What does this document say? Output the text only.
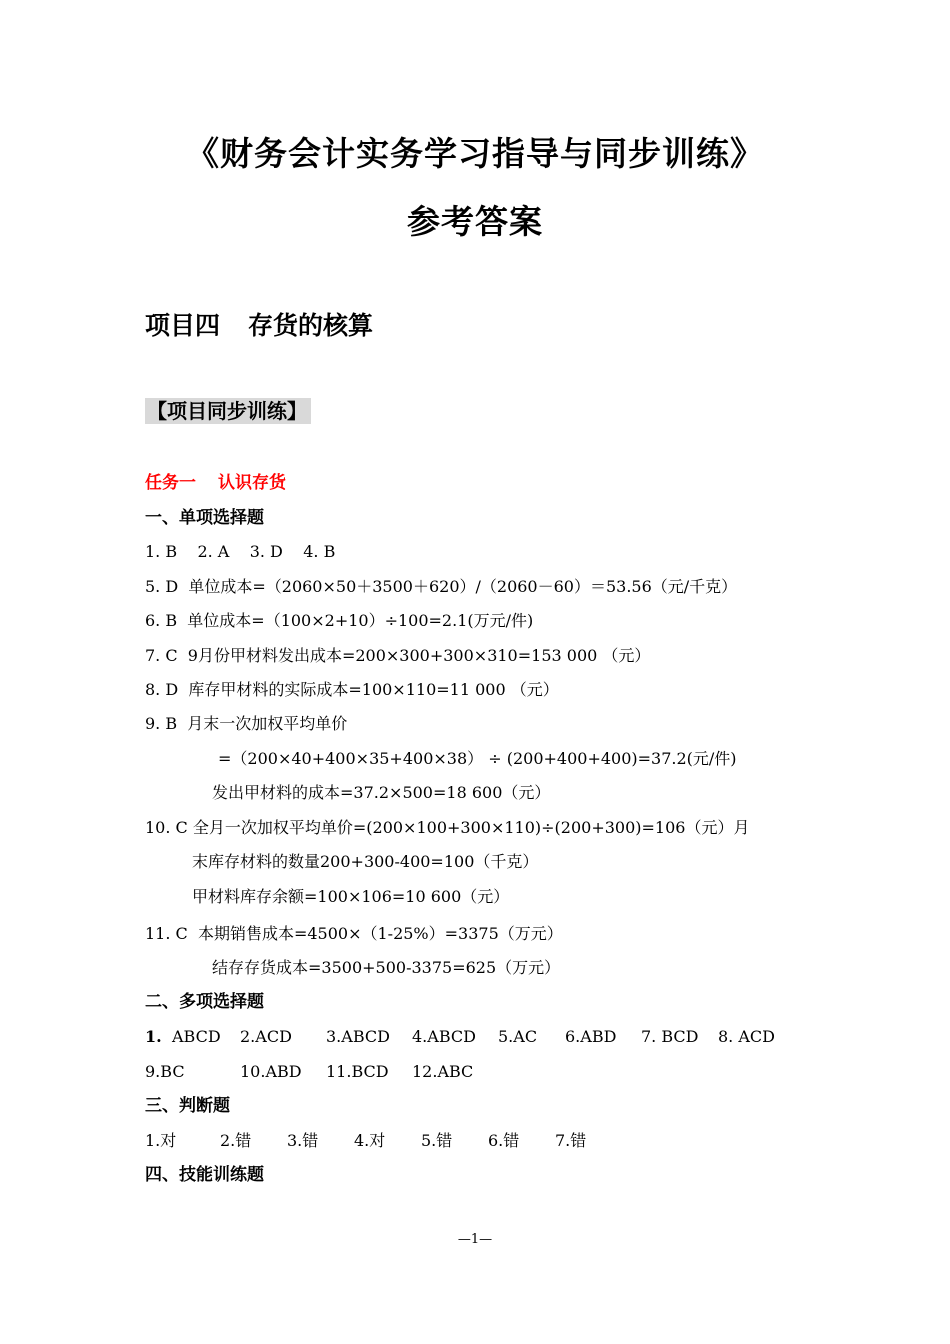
《财务会计实务学习指导与同步训练》
参考答案
项目四 存货的核算
【项目同步训练】
任务一 认识存货
一、单项选择题
1. B    2. A    3. D    4. B
5. D  单位成本=（2060×50＋3500＋620）/（2060－60）＝53.56（元/千克）
6. B  单位成本=（100×2+10）÷100=2.1(万元/件)
7. C  9月份甲材料发出成本=200×300+300×310=153 000 （元）
8. D  库存甲材料的实际成本=100×110=11 000 （元）
9. B  月末一次加权平均单价
=（200×40+400×35+400×38） ÷ (200+400+400)=37.2(元/件)
发出甲材料的成本=37.2×500=18 600（元）
10. C 全月一次加权平均单价=(200×100+300×110)÷(200+300)=106（元）月
末库存材料的数量200+300-400=100（千克）
甲材料库存余额=100×106=10 600（元）
11. C  本期销售成本=4500×（1-25%）=3375（万元）
结存存货成本=3500+500-3375=625（万元）
二、多项选择题
1. ABCD 2.ACD 3.ABCD 4.ABCD 5.AC 6.ABD 7. BCD 8. ACD
9.BC	10.ABD 11.BCD 12.ABC
三、判断题
1.对	2.错 3.错 4.对 5.错 6.错 7.错
四、技能训练题
—1—
